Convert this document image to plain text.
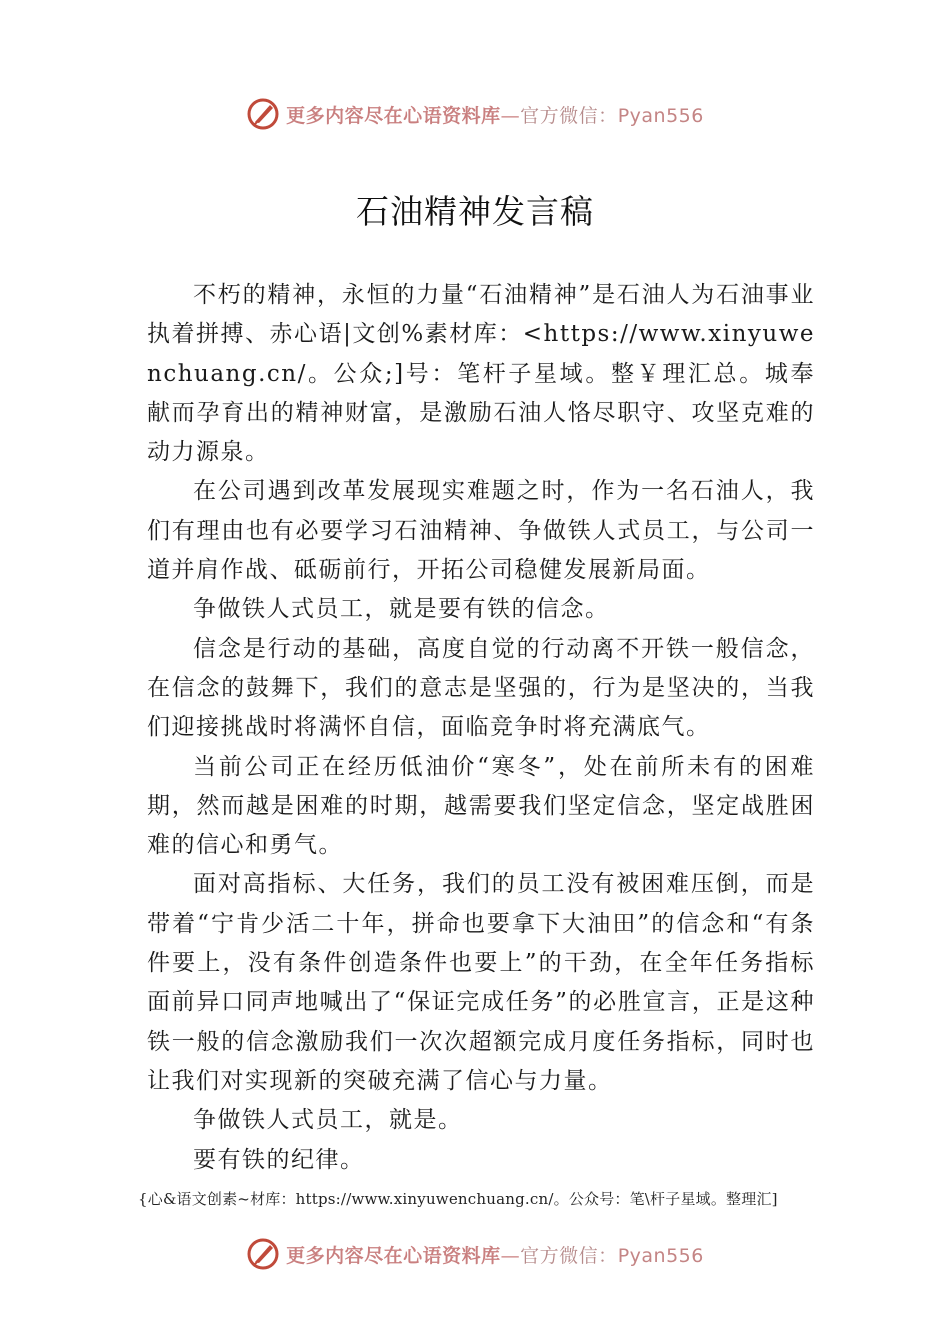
更多内容尽在心语资料库—官方微信：Pyan556
石油精神发言稿

不朽的精神，永恒的力量“石油精神”是石油人为石油事业执着拼搏、赤心语|文创%素材库：<https://www.xinyuwenchuang.cn/。公众;]号：笔杆子星域。整￥理汇总。城奉献而孕育出的精神财富，是激励石油人恪尽职守、攻坚克难的动力源泉。

在公司遇到改革发展现实难题之时，作为一名石油人，我们有理由也有必要学习石油精神、争做铁人式员工，与公司一道并肩作战、砥砺前行，开拓公司稳健发展新局面。

争做铁人式员工，就是要有铁的信念。

信念是行动的基础，高度自觉的行动离不开铁一般信念，在信念的鼓舞下，我们的意志是坚强的，行为是坚决的，当我们迎接挑战时将满怀自信，面临竞争时将充满底气。

当前公司正在经历低油价“寒冬”，处在前所未有的困难期，然而越是困难的时期，越需要我们坚定信念，坚定战胜困难的信心和勇气。

面对高指标、大任务，我们的员工没有被困难压倒，而是带着“宁肯少活二十年，拼命也要拿下大油田”的信念和“有条件要上，没有条件创造条件也要上”的干劲，在全年任务指标面前异口同声地喊出了“保证完成任务”的必胜宣言，正是这种铁一般的信念激励我们一次次超额完成月度任务指标，同时也让我们对实现新的突破充满了信心与力量。

争做铁人式员工，就是。

要有铁的纪律。

{心&语文创素~材库：https://www.xinyuwenchuang.cn/。公众号：笔\杆子星域。整理汇]
更多内容尽在心语资料库—官方微信：Pyan556
